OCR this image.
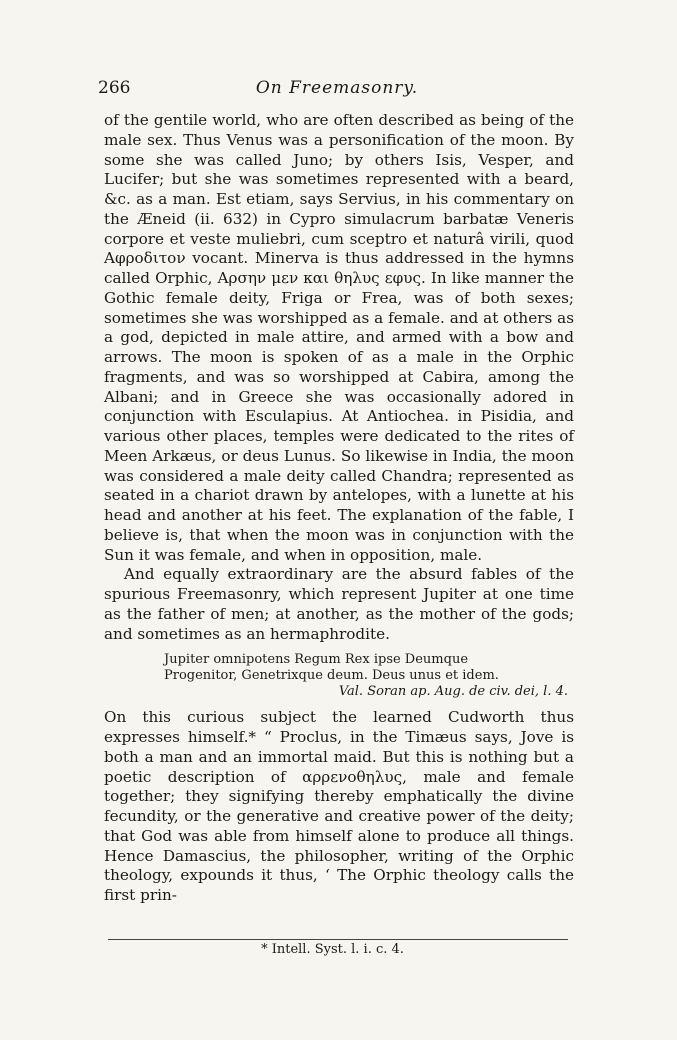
266	On Freemasonry.

of the gentile world, who are often described as being of the male sex. Thus Venus was a personification of the moon. By some she was called Juno; by others Isis, Vesper, and Lucifer; but she was sometimes represented with a beard, &c. as a man. Est etiam, says Servius, in his commentary on the Æneid (ii. 632) in Cypro simulacrum barbatæ Veneris corpore et veste muliebri, cum sceptro et naturâ virili, quod Αφροδιτον vocant. Minerva is thus addressed in the hymns called Orphic, Αρσην μεν και θηλυς εφυς. In like manner the Gothic female deity, Friga or Frea, was of both sexes; sometimes she was worshipped as a female. and at others as a god, depicted in male attire, and armed with a bow and arrows. The moon is spoken of as a male in the Orphic fragments, and was so worshipped at Cabira, among the Albani; and in Greece she was occasionally adored in conjunction with Esculapius. At Antiochea. in Pisidia, and various other places, temples were dedicated to the rites of Meen Arkæus, or deus Lunus. So likewise in India, the moon was considered a male deity called Chandra; represented as seated in a chariot drawn by antelopes, with a lunette at his head and another at his feet. The explanation of the fable, I believe is, that when the moon was in conjunction with the Sun it was female, and when in opposition, male.

And equally extraordinary are the absurd fables of the spurious Freemasonry, which represent Jupiter at one time as the father of men; at another, as the mother of the gods; and sometimes as an hermaphrodite.

Jupiter omnipotens Regum Rex ipse Deumque
Progenitor, Genetrixque deum. Deus unus et idem.
Val. Soran ap. Aug. de civ. dei, l. 4.

On this curious subject the learned Cudworth thus expresses himself.* “ Proclus, in the Timæus says, Jove is both a man and an immortal maid. But this is nothing but a poetic description of αρρενοθηλυς, male and female together; they signifying thereby emphatically the divine fecundity, or the generative and creative power of the deity; that God was able from himself alone to produce all things. Hence Damascius, the philosopher, writing of the Orphic theology, expounds it thus, ‘ The Orphic theology calls the first prin-

* Intell. Syst. l. i. c. 4.
